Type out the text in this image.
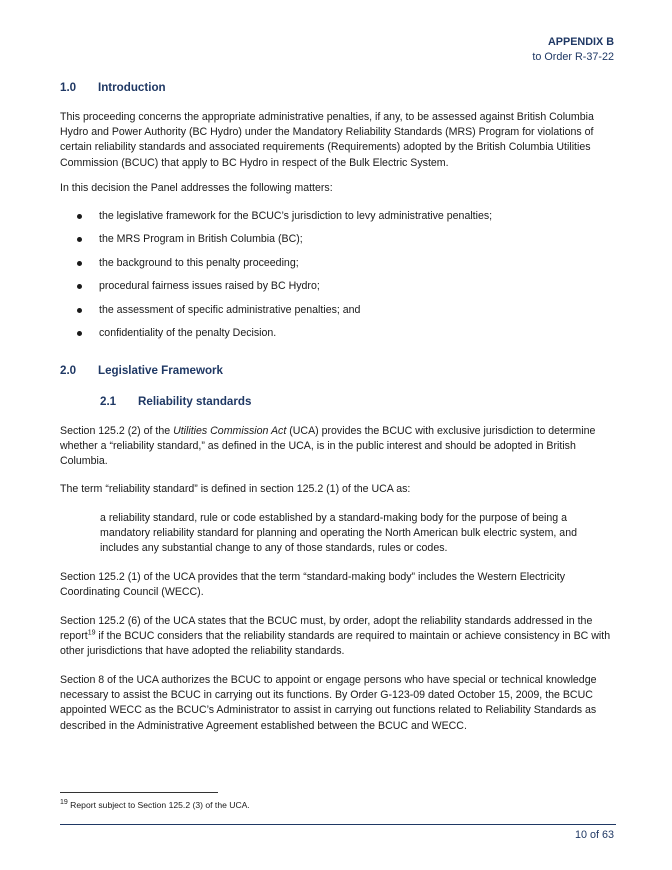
APPENDIX B
to Order R-37-22
1.0 Introduction

This proceeding concerns the appropriate administrative penalties, if any, to be assessed against British Columbia Hydro and Power Authority (BC Hydro) under the Mandatory Reliability Standards (MRS) Program for violations of certain reliability standards and associated requirements (Requirements) adopted by the British Columbia Utilities Commission (BCUC) that apply to BC Hydro in respect of the Bulk Electric System.

In this decision the Panel addresses the following matters:

the legislative framework for the BCUC’s jurisdiction to levy administrative penalties;
the MRS Program in British Columbia (BC);
the background to this penalty proceeding;
procedural fairness issues raised by BC Hydro;
the assessment of specific administrative penalties; and
confidentiality of the penalty Decision.
2.0 Legislative Framework
2.1 Reliability standards

Section 125.2 (2) of the Utilities Commission Act (UCA) provides the BCUC with exclusive jurisdiction to determine whether a “reliability standard,” as defined in the UCA, is in the public interest and should be adopted in British Columbia.

The term “reliability standard” is defined in section 125.2 (1) of the UCA as:

a reliability standard, rule or code established by a standard-making body for the purpose of being a mandatory reliability standard for planning and operating the North American bulk electric system, and includes any substantial change to any of those standards, rules or codes.

Section 125.2 (1) of the UCA provides that the term “standard-making body” includes the Western Electricity Coordinating Council (WECC).

Section 125.2 (6) of the UCA states that the BCUC must, by order, adopt the reliability standards addressed in the report$^{19}$ if the BCUC considers that the reliability standards are required to maintain or achieve consistency in BC with other jurisdictions that have adopted the reliability standards.

Section 8 of the UCA authorizes the BCUC to appoint or engage persons who have special or technical knowledge necessary to assist the BCUC in carrying out its functions. By Order G-123-09 dated October 15, 2009, the BCUC appointed WECC as the BCUC’s Administrator to assist in carrying out functions related to Reliability Standards as described in the Administrative Agreement established between the BCUC and WECC.

$^{19}$ Report subject to Section 125.2 (3) of the UCA.
10 of 63
